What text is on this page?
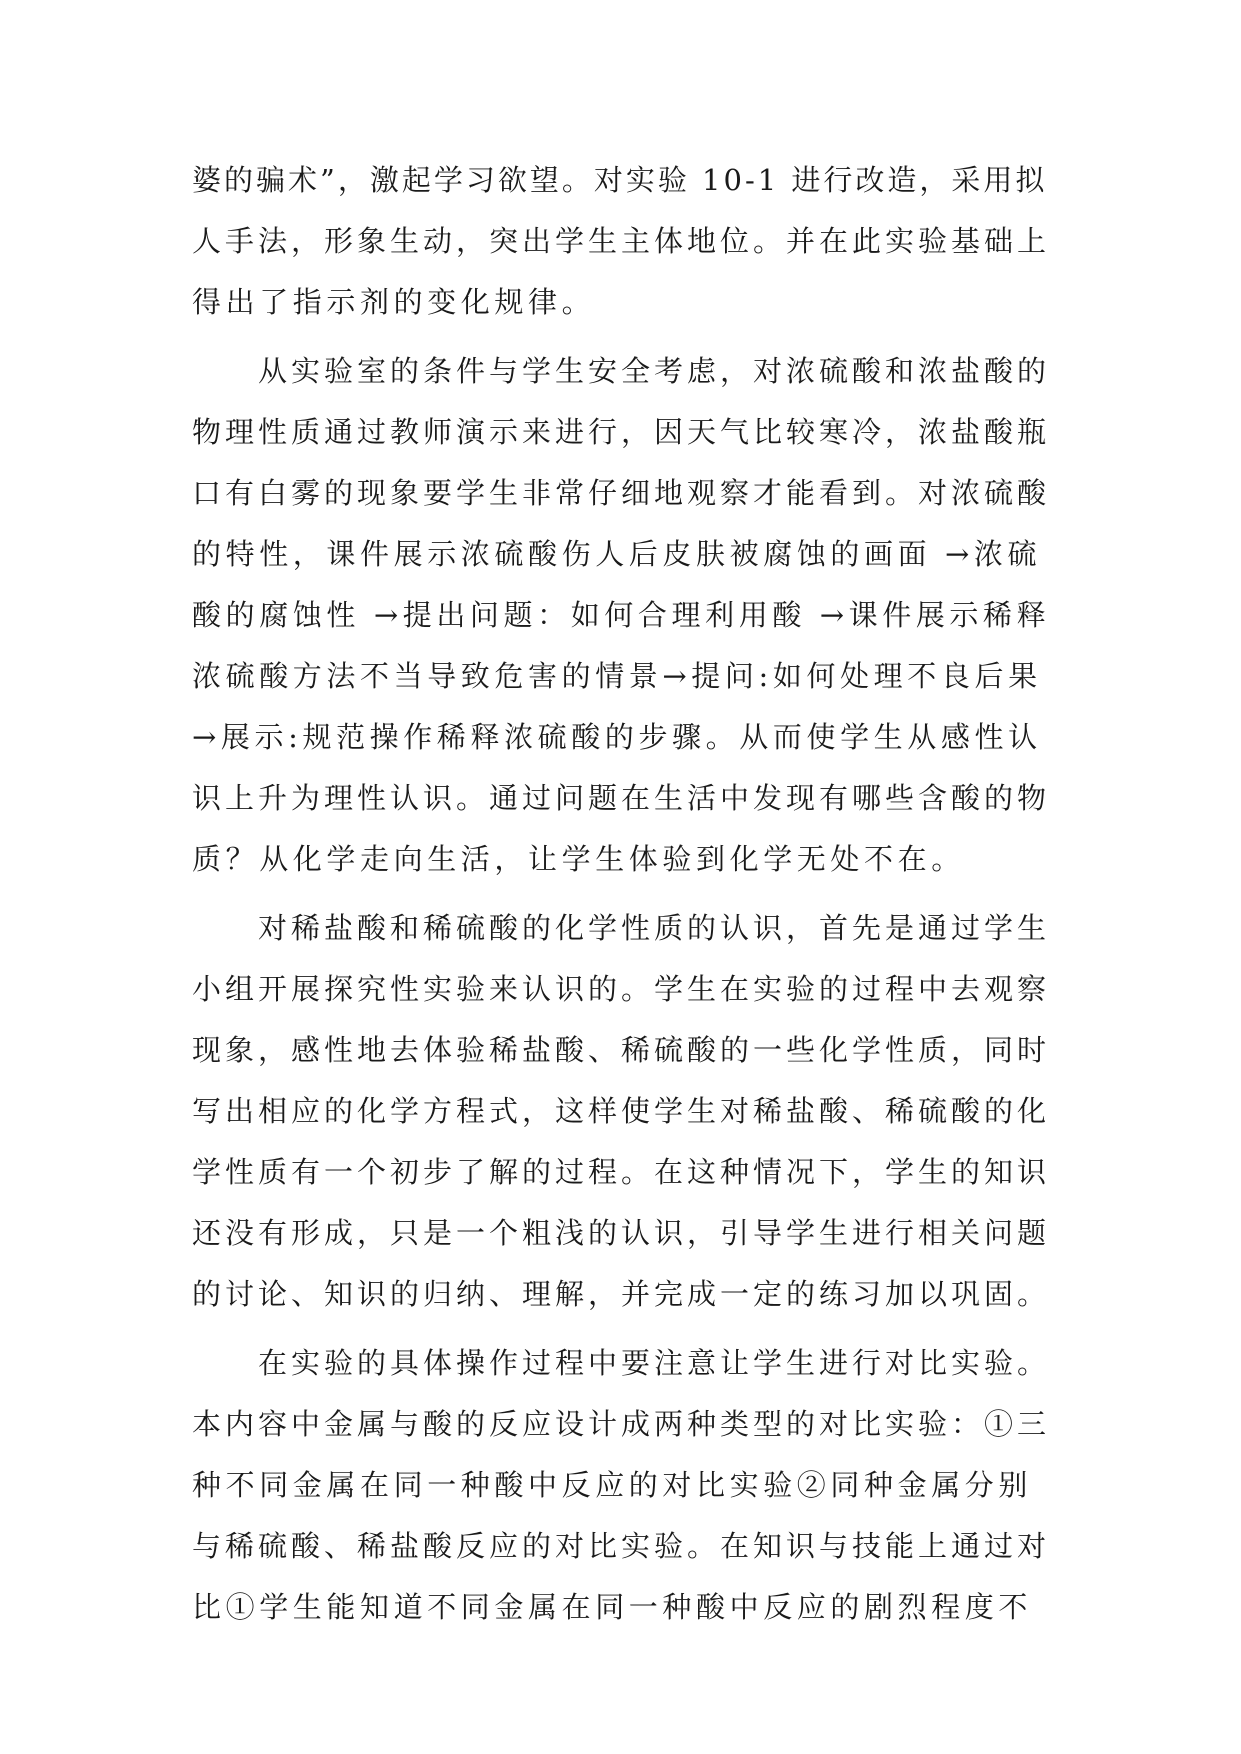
婆的骗术”，激起学习欲望。对实验 10-1 进行改造，采用拟
人手法，形象生动，突出学生主体地位。并在此实验基础上
得出了指示剂的变化规律。
从实验室的条件与学生安全考虑，对浓硫酸和浓盐酸的
物理性质通过教师演示来进行，因天气比较寒冷，浓盐酸瓶
口有白雾的现象要学生非常仔细地观察才能看到。对浓硫酸
的特性，课件展示浓硫酸伤人后皮肤被腐蚀的画面 →浓硫
酸的腐蚀性 →提出问题：如何合理利用酸 →课件展示稀释
浓硫酸方法不当导致危害的情景→提问:如何处理不良后果
→展示:规范操作稀释浓硫酸的步骤。从而使学生从感性认
识上升为理性认识。通过问题在生活中发现有哪些含酸的物
质？从化学走向生活，让学生体验到化学无处不在。
对稀盐酸和稀硫酸的化学性质的认识，首先是通过学生
小组开展探究性实验来认识的。学生在实验的过程中去观察
现象，感性地去体验稀盐酸、稀硫酸的一些化学性质，同时
写出相应的化学方程式，这样使学生对稀盐酸、稀硫酸的化
学性质有一个初步了解的过程。在这种情况下，学生的知识
还没有形成，只是一个粗浅的认识，引导学生进行相关问题
的讨论、知识的归纳、理解，并完成一定的练习加以巩固。
在实验的具体操作过程中要注意让学生进行对比实验。
本内容中金属与酸的反应设计成两种类型的对比实验：①三
种不同金属在同一种酸中反应的对比实验②同种金属分别
与稀硫酸、稀盐酸反应的对比实验。在知识与技能上通过对
比①学生能知道不同金属在同一种酸中反应的剧烈程度不
